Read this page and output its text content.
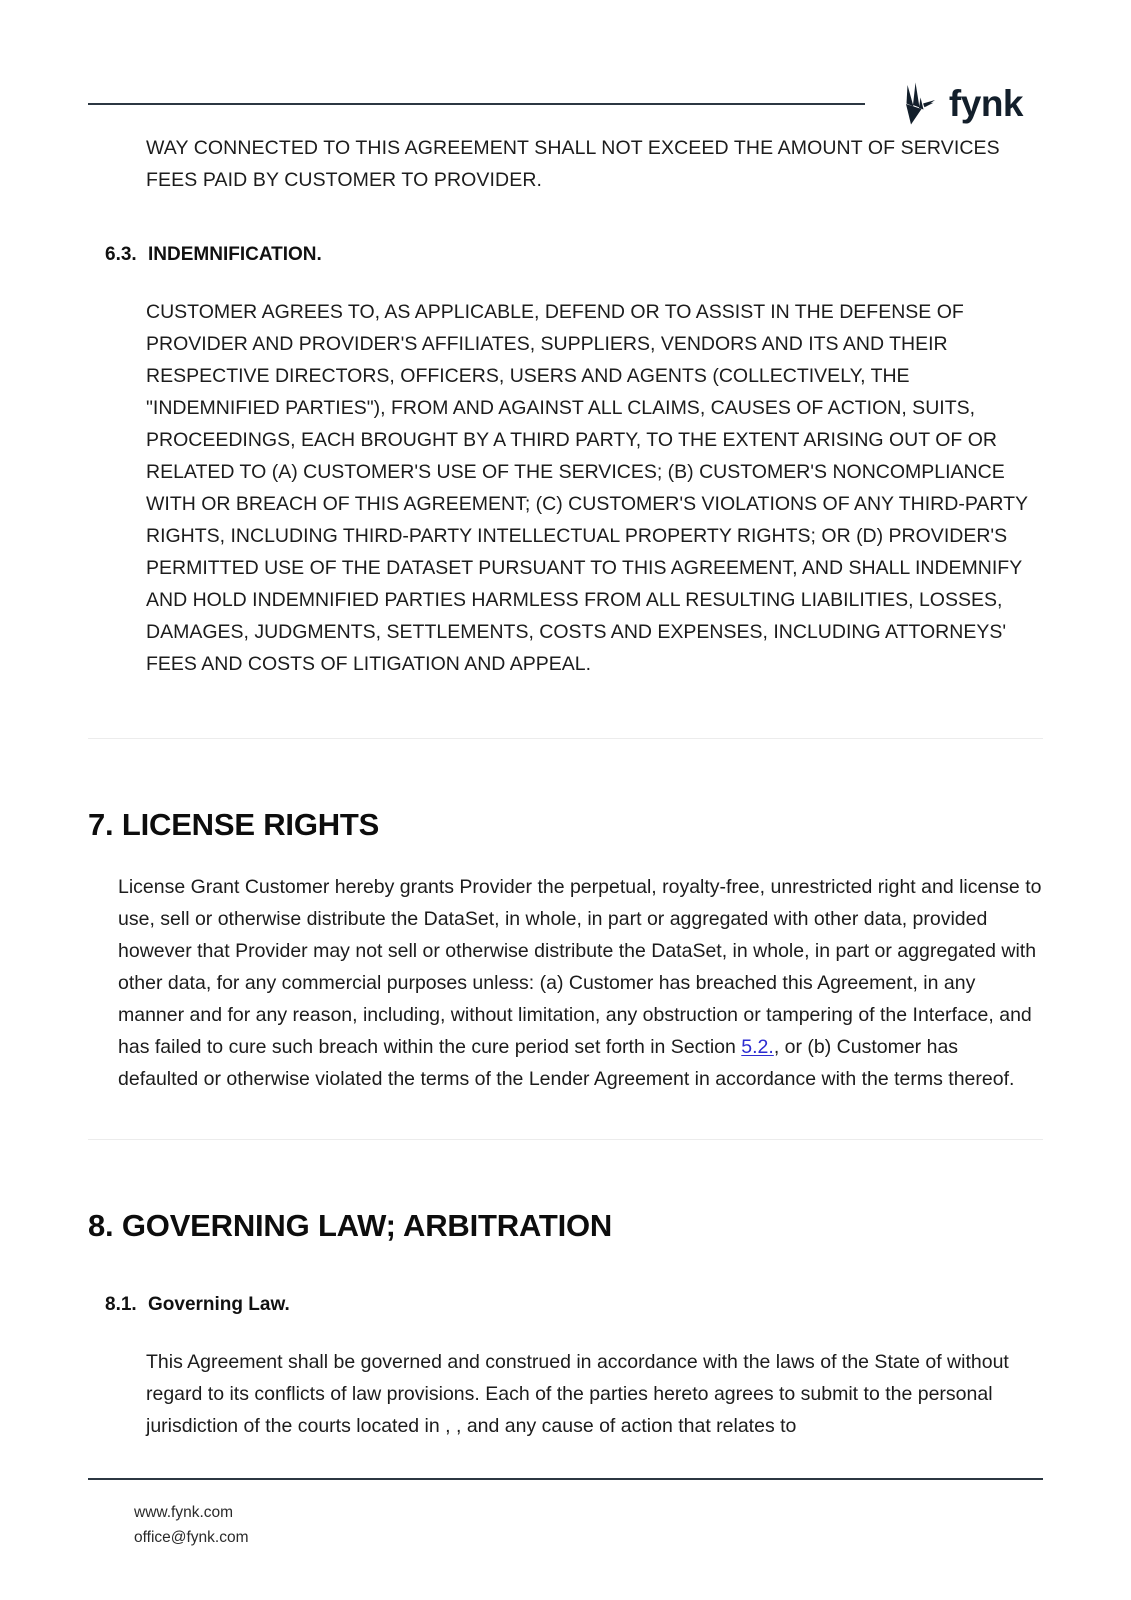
fynk

WAY CONNECTED TO THIS AGREEMENT SHALL NOT EXCEED THE AMOUNT OF SERVICES FEES PAID BY CUSTOMER TO PROVIDER.

6.3. INDEMNIFICATION.

CUSTOMER AGREES TO, AS APPLICABLE, DEFEND OR TO ASSIST IN THE DEFENSE OF PROVIDER AND PROVIDER'S AFFILIATES, SUPPLIERS, VENDORS AND ITS AND THEIR RESPECTIVE DIRECTORS, OFFICERS, USERS AND AGENTS (COLLECTIVELY, THE "INDEMNIFIED PARTIES"), FROM AND AGAINST ALL CLAIMS, CAUSES OF ACTION, SUITS, PROCEEDINGS, EACH BROUGHT BY A THIRD PARTY, TO THE EXTENT ARISING OUT OF OR RELATED TO (A) CUSTOMER'S USE OF THE SERVICES; (B) CUSTOMER'S NONCOMPLIANCE WITH OR BREACH OF THIS AGREEMENT; (C) CUSTOMER'S VIOLATIONS OF ANY THIRD-PARTY RIGHTS, INCLUDING THIRD-PARTY INTELLECTUAL PROPERTY RIGHTS; OR (D) PROVIDER'S PERMITTED USE OF THE DATASET PURSUANT TO THIS AGREEMENT, AND SHALL INDEMNIFY AND HOLD INDEMNIFIED PARTIES HARMLESS FROM ALL RESULTING LIABILITIES, LOSSES, DAMAGES, JUDGMENTS, SETTLEMENTS, COSTS AND EXPENSES, INCLUDING ATTORNEYS' FEES AND COSTS OF LITIGATION AND APPEAL.

7. LICENSE RIGHTS

License Grant Customer hereby grants Provider the perpetual, royalty-free, unrestricted right and license to use, sell or otherwise distribute the DataSet, in whole, in part or aggregated with other data, provided however that Provider may not sell or otherwise distribute the DataSet, in whole, in part or aggregated with other data, for any commercial purposes unless: (a) Customer has breached this Agreement, in any manner and for any reason, including, without limitation, any obstruction or tampering of the Interface, and has failed to cure such breach within the cure period set forth in Section 5.2., or (b) Customer has defaulted or otherwise violated the terms of the Lender Agreement in accordance with the terms thereof.

8. GOVERNING LAW; ARBITRATION

8.1. Governing Law.

This Agreement shall be governed and construed in accordance with the laws of the State of without regard to its conflicts of law provisions. Each of the parties hereto agrees to submit to the personal jurisdiction of the courts located in , , and any cause of action that relates to

www.fynk.com
office@fynk.com
